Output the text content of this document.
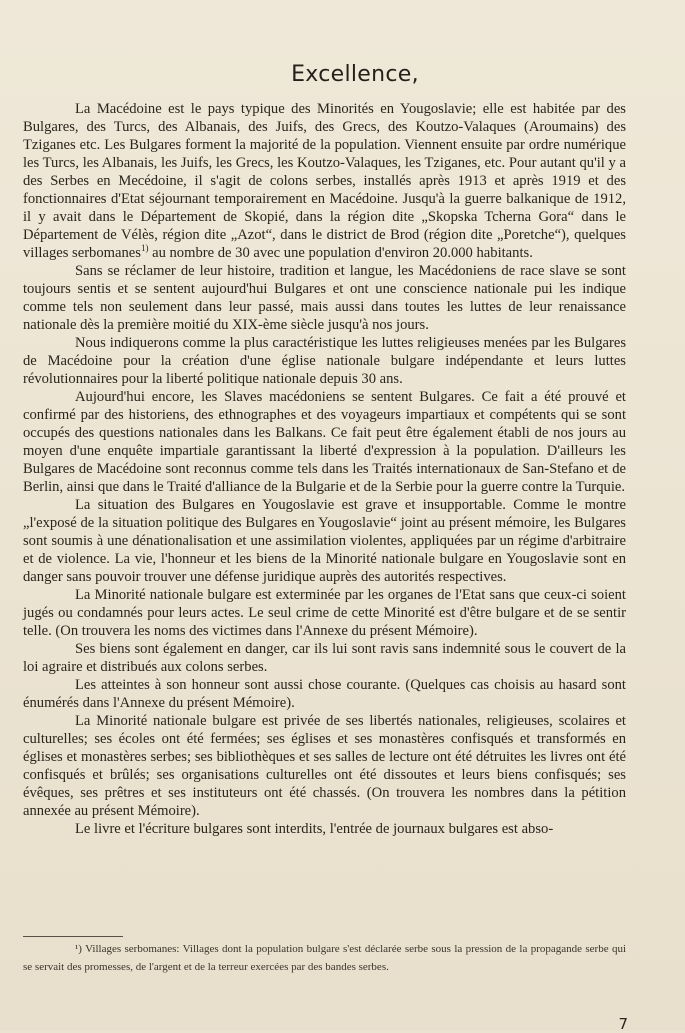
Excellence,

La Macédoine est le pays typique des Minorités en Yougoslavie; elle est habitée par des Bulgares, des Turcs, des Albanais, des Juifs, des Grecs, des Koutzo-Valaques (Aroumains) des Tziganes etc. Les Bulgares forment la majorité de la population. Viennent ensuite par ordre numérique les Turcs, les Albanais, les Juifs, les Grecs, les Koutzo-Valaques, les Tziganes, etc. Pour autant qu'il y a des Serbes en Mecédoine, il s'agit de colons serbes, installés après 1913 et après 1919 et des fonctionnaires d'Etat séjournant temporairement en Macédoine. Jusqu'à la guerre balkanique de 1912, il y avait dans le Département de Skopié, dans la région dite „Skopska Tcherna Gora“ dans le Département de Vélès, région dite „Azot“, dans le district de Brod (région dite „Poretche“), quelques villages serbomanes$^{1)}$ au nombre de 30 avec une population d'environ 20.000 habitants.

Sans se réclamer de leur histoire, tradition et langue, les Macédoniens de race slave se sont toujours sentis et se sentent aujourd'hui Bulgares et ont une conscience nationale pui les indique comme tels non seulement dans leur passé, mais aussi dans toutes les luttes de leur renaissance nationale dès la première moitié du XIX-ème siècle jusqu'à nos jours.

Nous indiquerons comme la plus caractéristique les luttes religieuses menées par les Bulgares de Macédoine pour la création d'une église nationale bulgare indépendante et leurs luttes révolutionnaires pour la liberté politique nationale depuis 30 ans.

Aujourd'hui encore, les Slaves macédoniens se sentent Bulgares. Ce fait a été prouvé et confirmé par des historiens, des ethnographes et des voyageurs impartiaux et compétents qui se sont occupés des questions nationales dans les Balkans. Ce fait peut être également établi de nos jours au moyen d'une enquête impartiale garantissant la liberté d'expression à la population. D'ailleurs les Bulgares de Macédoine sont reconnus comme tels dans les Traités internationaux de San-Stefano et de Berlin, ainsi que dans le Traité d'alliance de la Bulgarie et de la Serbie pour la guerre contre la Turquie.

La situation des Bulgares en Yougoslavie est grave et insupportable. Comme le montre „l'exposé de la situation politique des Bulgares en Yougoslavie“ joint au présent mémoire, les Bulgares sont soumis à une dénationalisation et une assimilation violentes, appliquées par un régime d'arbitraire et de violence. La vie, l'honneur et les biens de la Minorité nationale bulgare en Yougoslavie sont en danger sans pouvoir trouver une défense juridique auprès des autorités respectives.

La Minorité nationale bulgare est exterminée par les organes de l'Etat sans que ceux-ci soient jugés ou condamnés pour leurs actes. Le seul crime de cette Minorité est d'être bulgare et de se sentir telle. (On trouvera les noms des victimes dans l'Annexe du présent Mémoire).

Ses biens sont également en danger, car ils lui sont ravis sans indemnité sous le couvert de la loi agraire et distribués aux colons serbes.

Les atteintes à son honneur sont aussi chose courante. (Quelques cas choisis au hasard sont énumérés dans l'Annexe du présent Mémoire).

La Minorité nationale bulgare est privée de ses libertés nationales, religieuses, scolaires et culturelles; ses écoles ont été fermées; ses églises et ses monastères confisqués et transformés en églises et monastères serbes; ses bibliothèques et ses salles de lecture ont été détruites les livres ont été confisqués et brûlés; ses organisations culturelles ont été dissoutes et leurs biens confisqués; ses évêques, ses prêtres et ses instituteurs ont été chassés. (On trouvera les nombres dans la pétition annexée au présent Mémoire).

Le livre et l'écriture bulgares sont interdits, l'entrée de journaux bulgares est abso-

¹) Villages serbomanes: Villages dont la population bulgare s'est déclarée serbe sous la pression de la propagande serbe qui se servait des promesses, de l'argent et de la terreur exercées par des bandes serbes.
7
